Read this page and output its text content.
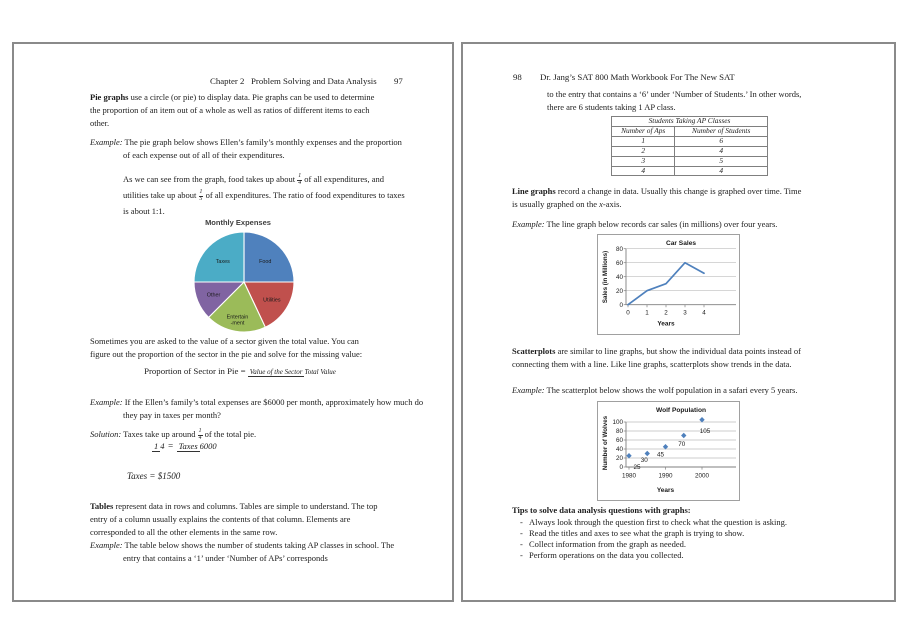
Chapter 2   Problem Solving and Data Analysis 97
Pie graphs use a circle (or pie) to display data. Pie graphs can be used to determine the proportion of an item out of a whole as well as ratios of different items to each other.
Example: The pie graph below shows Ellen’s family’s monthly expenses and the proportion of each expense out of all of their expenditures.
As we can see from the graph, food takes up about $\frac{1}{4}$ of all expenditures, and utilities take up about $\frac{1}{5}$ of all expenditures. The ratio of food expenditures to taxes is about 1:1.
Monthly Expenses
Food
Utilities
Entertain -ment
Other
Taxes
Sometimes you are asked to the value of a sector given the total value. You can figure out the proportion of the sector in the pie and solve for the missing value:
Proportion of Sector in Pie = Value of the Sector Total Value
Example: If the Ellen’s family’s total expenses are $6000 per month, approximately how much do they pay in taxes per month?
Solution: Taxes take up around $\frac{1}{4}$ of the total pie.
1 4 = Taxes 6000
Taxes = $1500
Tables represent data in rows and columns. Tables are simple to understand. The top entry of a column usually explains the contents of that column. Elements are corresponded to all the other elements in the same row.
Example: The table below shows the number of students taking AP classes in school. The entry that contains a ‘1’ under ‘Number of APs’ corresponds
98 Dr. Jang’s SAT 800 Math Workbook For The New SAT
to the entry that contains a ‘6’ under ‘Number of Students.’ In other words, there are 6 students taking 1 AP class.
Students Taking AP Classes	
Number of Aps	Number of Students
1	6
2	4
3	5
4	4
Line graphs record a change in data. Usually this change is graphed over time. Time is usually graphed on the x-axis.
Example: The line graph below records car sales (in millions) over four years.
0
20
40
60
80
0 1 2 3 4
Car Sales
Years
Sales (in Millions)
Scatterplots are similar to line graphs, but show the individual data points instead of connecting them with a line. Like line graphs, scatterplots show trends in the data.
Example: The scatterplot below shows the wolf population in a safari every 5 years.
0
20
40
60
80
100
1980	1990	2000
Wolf Population
Years
Number of Wolves	25
30
45
70
105
Tips to solve data analysis questions with graphs:
- Always look through the question first to check what the question is asking.
- Read the titles and axes to see what the graph is trying to show.
- Collect information from the graph as needed.
- Perform operations on the data you collected.
